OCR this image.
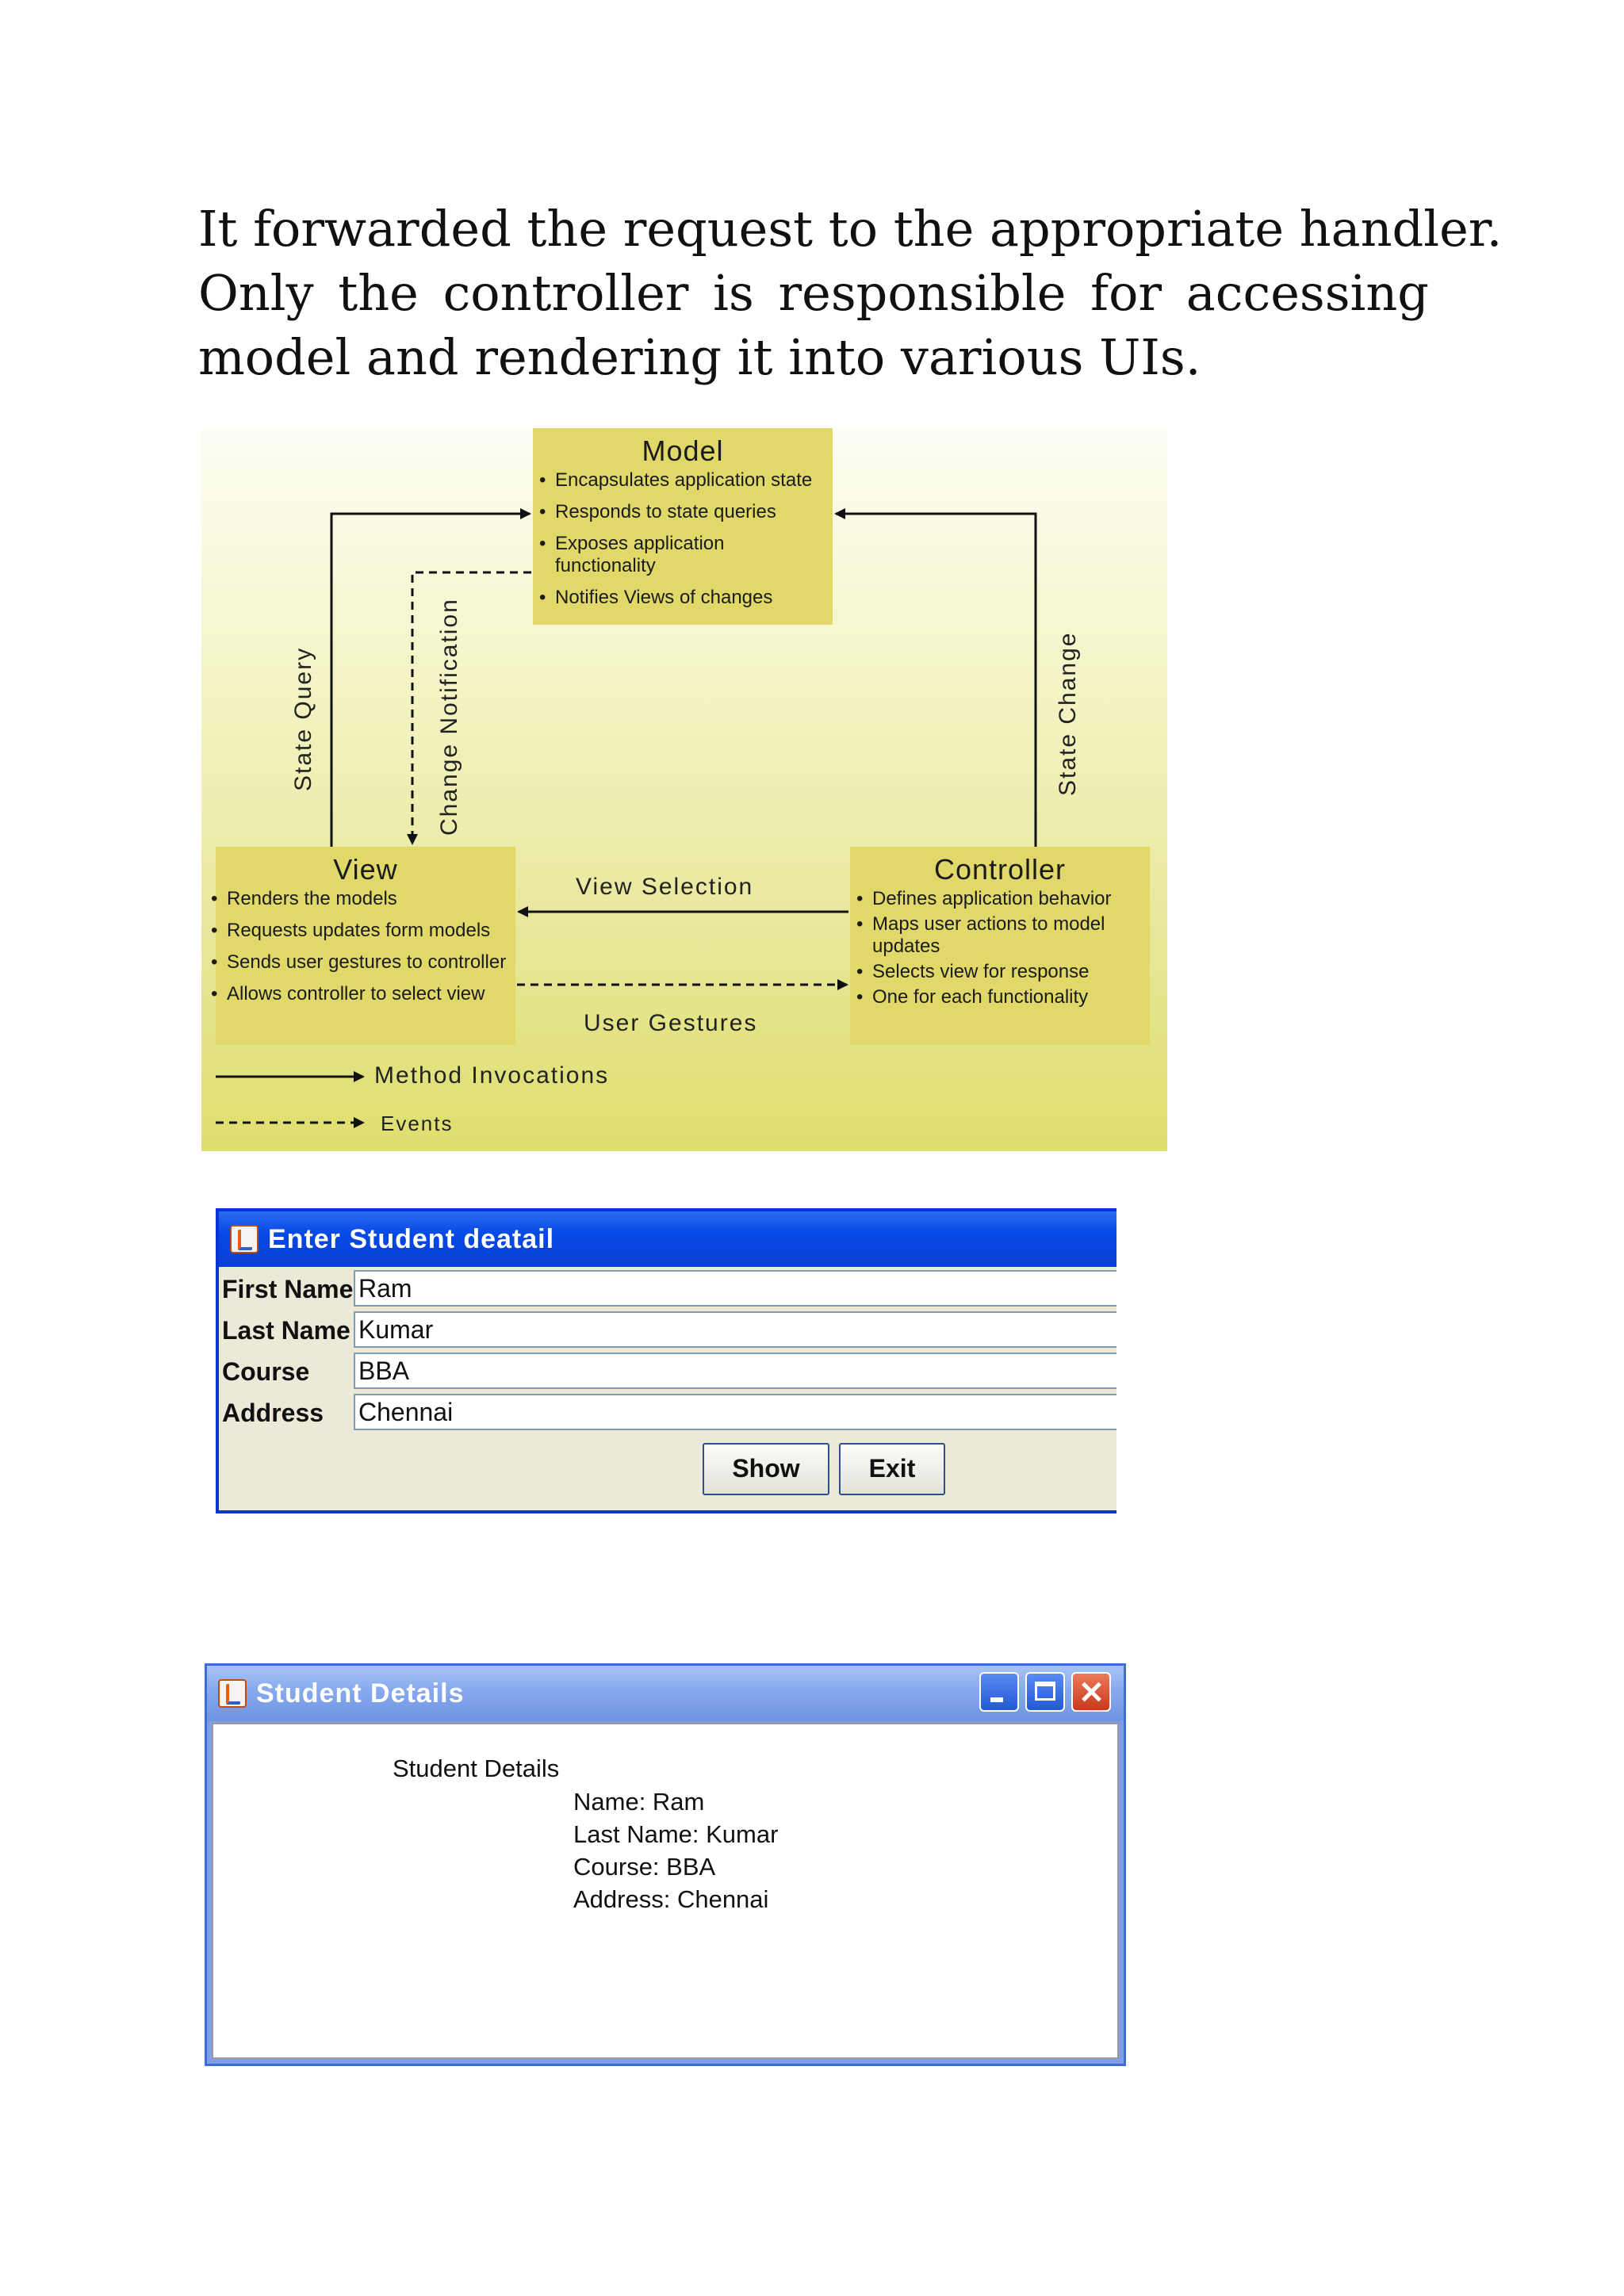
It forwarded the request to the appropriate handler.
Only the controller is responsible for accessing
model and rendering it into various UIs.
Model
• Encapsulates application state
• Responds to state queries
• Exposes application
functionality
• Notifies Views of changes
View
• Renders the models
• Requests updates form models
• Sends user gestures to controller
• Allows controller to select view
Controller
• Defines application behavior
• Maps user actions to model
updates
• Selects view for response
• One for each functionality
State Query	Change Notification	State Change
View Selection
User Gestures
Method Invocations
Events
Enter Student deatail
First Name Ram
Last Name Kumar
Course BBA
Address Chennai
Show	Exit
Student Details
Student Details
Name: Ram
Last Name: Kumar
Course: BBA
Address: Chennai
